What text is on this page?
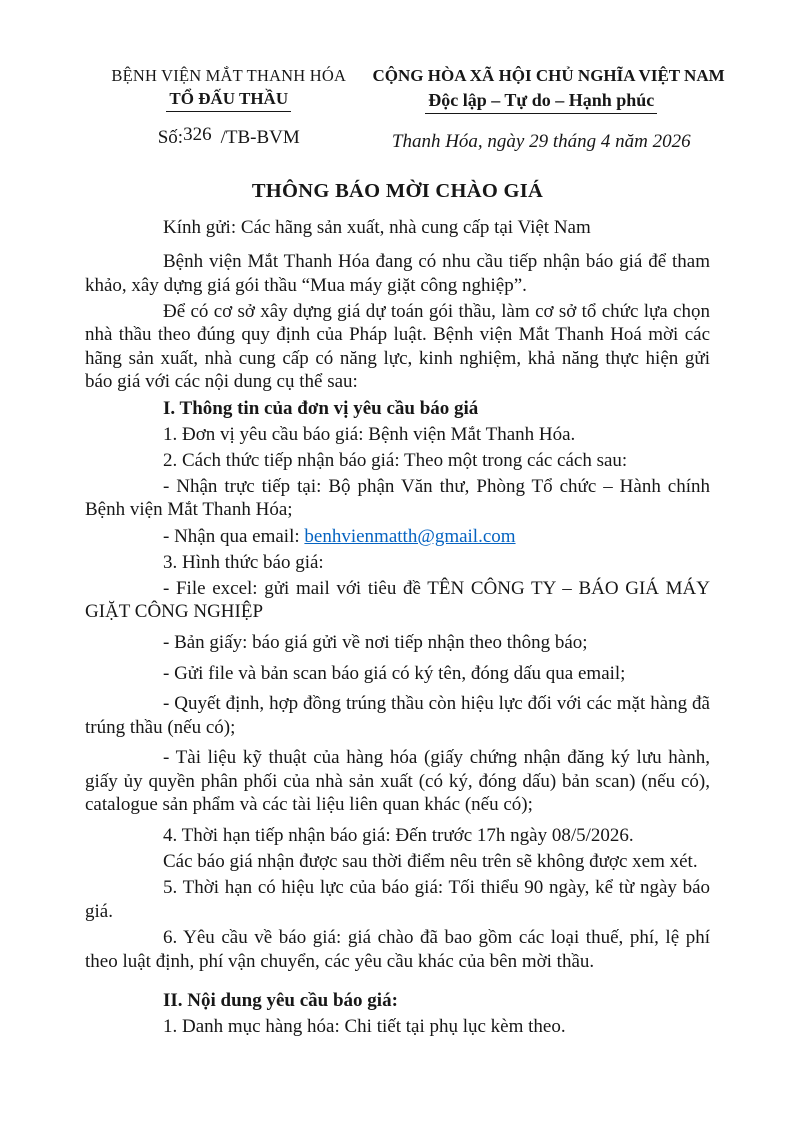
BỆNH VIỆN MẮT THANH HÓA
TỔ ĐẤU THẦU
Số:326 /TB-BVM
CỘNG HÒA XÃ HỘI CHỦ NGHĨA VIỆT NAM
Độc lập – Tự do – Hạnh phúc
Thanh Hóa, ngày 29 tháng 4 năm 2026
THÔNG BÁO MỜI CHÀO GIÁ
Kính gửi: Các hãng sản xuất, nhà cung cấp tại Việt Nam

Bệnh viện Mắt Thanh Hóa đang có nhu cầu tiếp nhận báo giá để tham khảo, xây dựng giá gói thầu “Mua máy giặt công nghiệp”.

Để có cơ sở xây dựng giá dự toán gói thầu, làm cơ sở tổ chức lựa chọn nhà thầu theo đúng quy định của Pháp luật. Bệnh viện Mắt Thanh Hoá mời các hãng sản xuất, nhà cung cấp có năng lực, kinh nghiệm, khả năng thực hiện gửi báo giá với các nội dung cụ thể sau:

I. Thông tin của đơn vị yêu cầu báo giá

1. Đơn vị yêu cầu báo giá: Bệnh viện Mắt Thanh Hóa.

2. Cách thức tiếp nhận báo giá: Theo một trong các cách sau:

- Nhận trực tiếp tại: Bộ phận Văn thư, Phòng Tổ chức – Hành chính Bệnh viện Mắt Thanh Hóa;

- Nhận qua email: benhvienmatth@gmail.com

3. Hình thức báo giá:

- File excel: gửi mail với tiêu đề TÊN CÔNG TY – BÁO GIÁ MÁY GIẶT CÔNG NGHIỆP

- Bản giấy: báo giá gửi về nơi tiếp nhận theo thông báo;

- Gửi file và bản scan báo giá có ký tên, đóng dấu qua email;

- Quyết định, hợp đồng trúng thầu còn hiệu lực đối với các mặt hàng đã trúng thầu (nếu có);

- Tài liệu kỹ thuật của hàng hóa (giấy chứng nhận đăng ký lưu hành, giấy ủy quyền phân phối của nhà sản xuất (có ký, đóng dấu) bản scan) (nếu có), catalogue sản phẩm và các tài liệu liên quan khác (nếu có);

4. Thời hạn tiếp nhận báo giá: Đến trước 17h ngày 08/5/2026.

Các báo giá nhận được sau thời điểm nêu trên sẽ không được xem xét.

5. Thời hạn có hiệu lực của báo giá: Tối thiểu 90 ngày, kể từ ngày báo giá.

6. Yêu cầu về báo giá: giá chào đã bao gồm các loại thuế, phí, lệ phí theo luật định, phí vận chuyển, các yêu cầu khác của bên mời thầu.

II. Nội dung yêu cầu báo giá:

1. Danh mục hàng hóa: Chi tiết tại phụ lục kèm theo.
